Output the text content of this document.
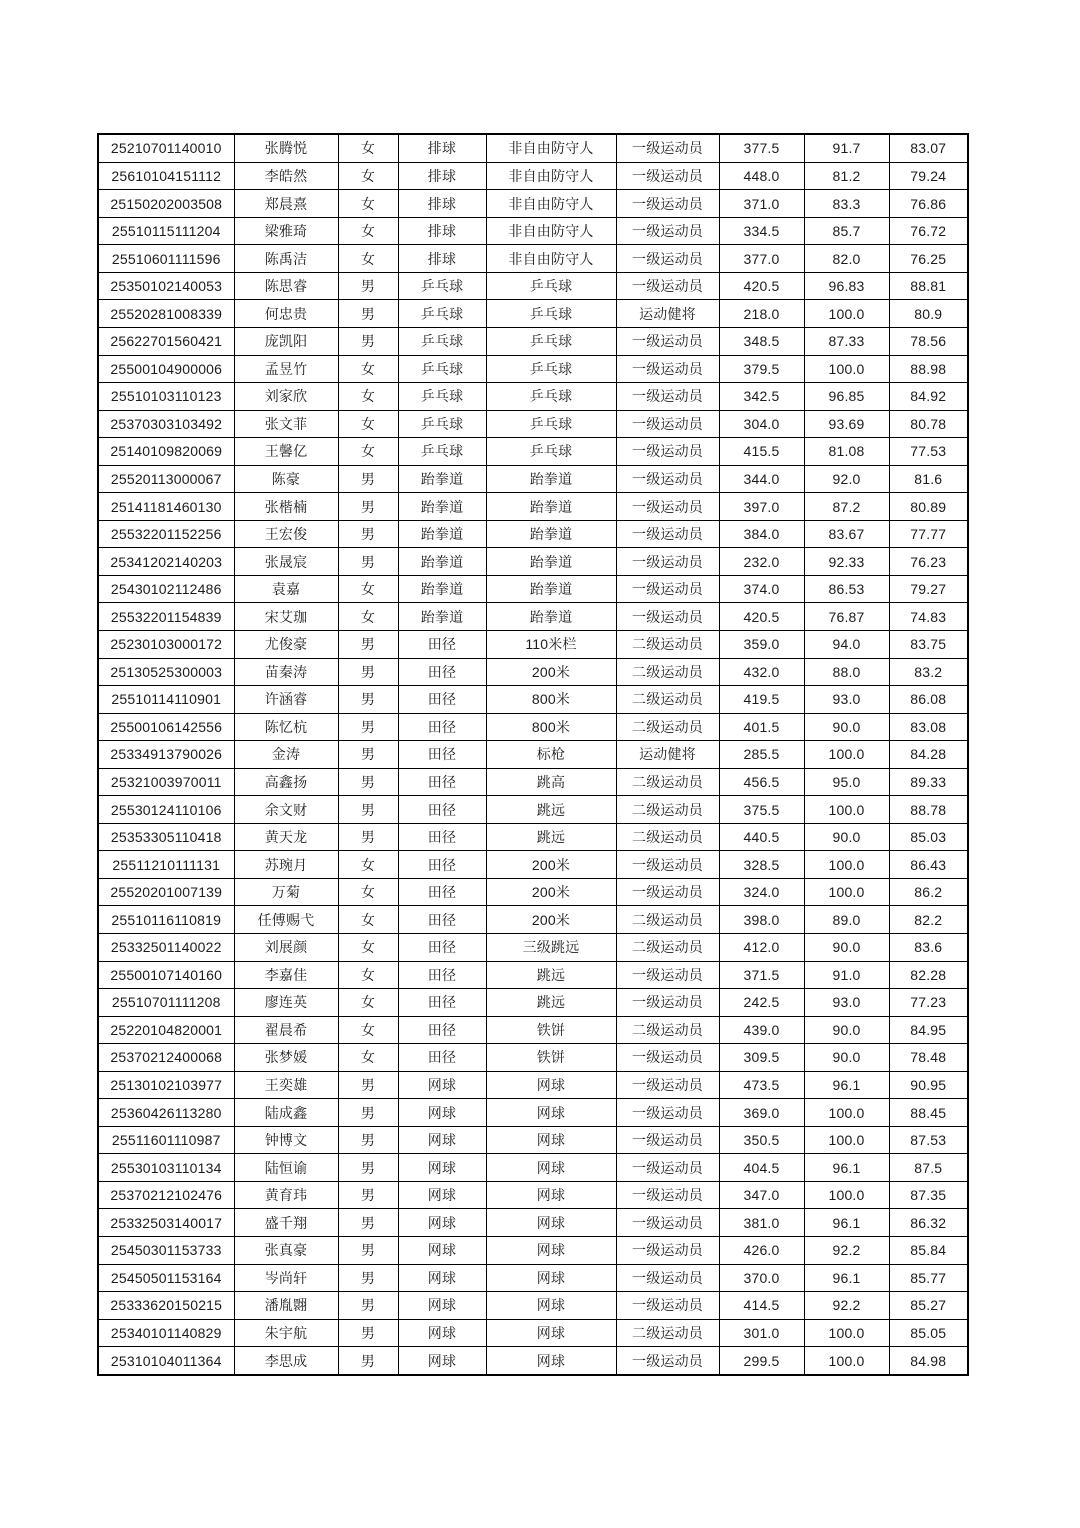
25210701140010	张腾悦	女	排球	非自由防守人	一级运动员	377.5	91.7	83.07
25610104151112	李皓然	女	排球	非自由防守人	一级运动员	448.0	81.2	79.24
25150202003508	郑晨熹	女	排球	非自由防守人	一级运动员	371.0	83.3	76.86
25510115111204	梁雅琦	女	排球	非自由防守人	一级运动员	334.5	85.7	76.72
25510601111596	陈禹洁	女	排球	非自由防守人	一级运动员	377.0	82.0	76.25
25350102140053	陈思睿	男	乒乓球	乒乓球	一级运动员	420.5	96.83	88.81
25520281008339	何忠贵	男	乒乓球	乒乓球	运动健将	218.0	100.0	80.9
25622701560421	庞凯阳	男	乒乓球	乒乓球	一级运动员	348.5	87.33	78.56
25500104900006	孟昱竹	女	乒乓球	乒乓球	一级运动员	379.5	100.0	88.98
25510103110123	刘家欣	女	乒乓球	乒乓球	一级运动员	342.5	96.85	84.92
25370303103492	张文菲	女	乒乓球	乒乓球	一级运动员	304.0	93.69	80.78
25140109820069	王馨亿	女	乒乓球	乒乓球	一级运动员	415.5	81.08	77.53
25520113000067	陈豪	男	跆拳道	跆拳道	一级运动员	344.0	92.0	81.6
25141181460130	张楷楠	男	跆拳道	跆拳道	一级运动员	397.0	87.2	80.89
25532201152256	王宏俊	男	跆拳道	跆拳道	一级运动员	384.0	83.67	77.77
25341202140203	张晟宸	男	跆拳道	跆拳道	一级运动员	232.0	92.33	76.23
25430102112486	袁嘉	女	跆拳道	跆拳道	一级运动员	374.0	86.53	79.27
25532201154839	宋艾珈	女	跆拳道	跆拳道	一级运动员	420.5	76.87	74.83
25230103000172	尤俊豪	男	田径	110米栏	二级运动员	359.0	94.0	83.75
25130525300003	苗秦涛	男	田径	200米	二级运动员	432.0	88.0	83.2
25510114110901	许涵睿	男	田径	800米	二级运动员	419.5	93.0	86.08
25500106142556	陈忆杭	男	田径	800米	二级运动员	401.5	90.0	83.08
25334913790026	金涛	男	田径	标枪	运动健将	285.5	100.0	84.28
25321003970011	高鑫扬	男	田径	跳高	二级运动员	456.5	95.0	89.33
25530124110106	余文财	男	田径	跳远	二级运动员	375.5	100.0	88.78
25353305110418	黄天龙	男	田径	跳远	二级运动员	440.5	90.0	85.03
25511210111131	苏琬月	女	田径	200米	一级运动员	328.5	100.0	86.43
25520201007139	万菊	女	田径	200米	一级运动员	324.0	100.0	86.2
25510116110819	任傅赐弋	女	田径	200米	二级运动员	398.0	89.0	82.2
25332501140022	刘展颜	女	田径	三级跳远	二级运动员	412.0	90.0	83.6
25500107140160	李嘉佳	女	田径	跳远	一级运动员	371.5	91.0	82.28
25510701111208	廖连英	女	田径	跳远	一级运动员	242.5	93.0	77.23
25220104820001	翟晨希	女	田径	铁饼	二级运动员	439.0	90.0	84.95
25370212400068	张梦媛	女	田径	铁饼	一级运动员	309.5	90.0	78.48
25130102103977	王奕雄	男	网球	网球	一级运动员	473.5	96.1	90.95
25360426113280	陆成鑫	男	网球	网球	一级运动员	369.0	100.0	88.45
25511601110987	钟博文	男	网球	网球	一级运动员	350.5	100.0	87.53
25530103110134	陆恒谕	男	网球	网球	一级运动员	404.5	96.1	87.5
25370212102476	黄育玮	男	网球	网球	一级运动员	347.0	100.0	87.35
25332503140017	盛千翔	男	网球	网球	一级运动员	381.0	96.1	86.32
25450301153733	张真豪	男	网球	网球	一级运动员	426.0	92.2	85.84
25450501153164	岑尚轩	男	网球	网球	一级运动员	370.0	96.1	85.77
25333620150215	潘胤翾	男	网球	网球	一级运动员	414.5	92.2	85.27
25340101140829	朱宇航	男	网球	网球	二级运动员	301.0	100.0	85.05
25310104011364	李思成	男	网球	网球	一级运动员	299.5	100.0	84.98
